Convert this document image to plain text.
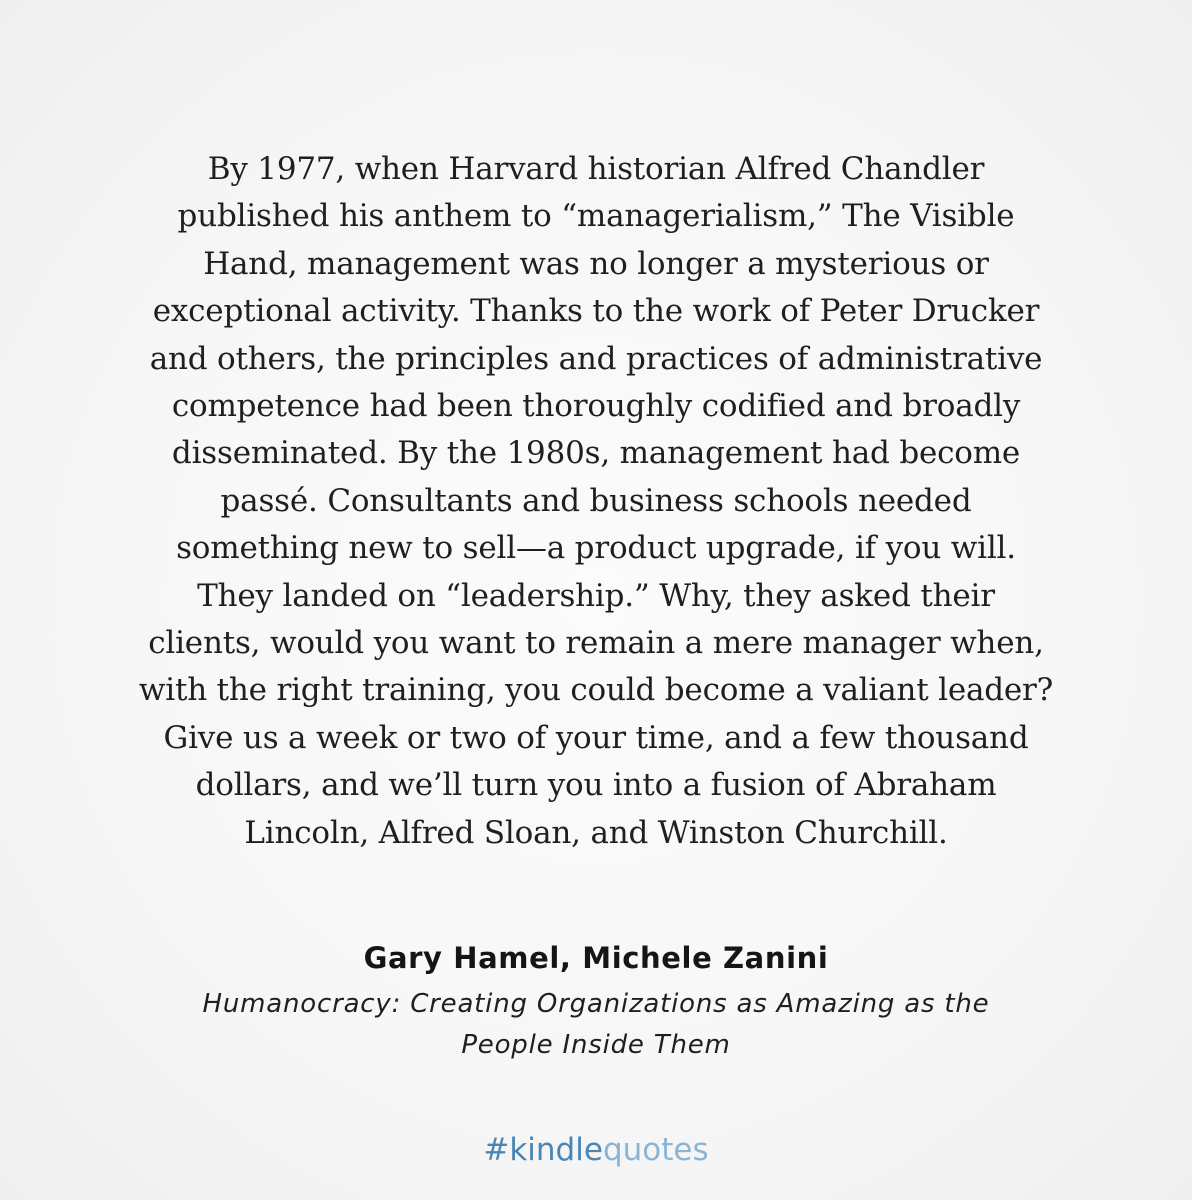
By 1977, when Harvard historian Alfred Chandler
published his anthem to “managerialism,” The Visible
Hand, management was no longer a mysterious or
exceptional activity. Thanks to the work of Peter Drucker
and others, the principles and practices of administrative
competence had been thoroughly codified and broadly
disseminated. By the 1980s, management had become
passé. Consultants and business schools needed
something new to sell—a product upgrade, if you will.
They landed on “leadership.” Why, they asked their
clients, would you want to remain a mere manager when,
with the right training, you could become a valiant leader?
Give us a week or two of your time, and a few thousand
dollars, and we’ll turn you into a fusion of Abraham
Lincoln, Alfred Sloan, and Winston Churchill.

Gary Hamel, Michele Zanini
Humanocracy: Creating Organizations as Amazing as the
People Inside Them
#kindlequotes
